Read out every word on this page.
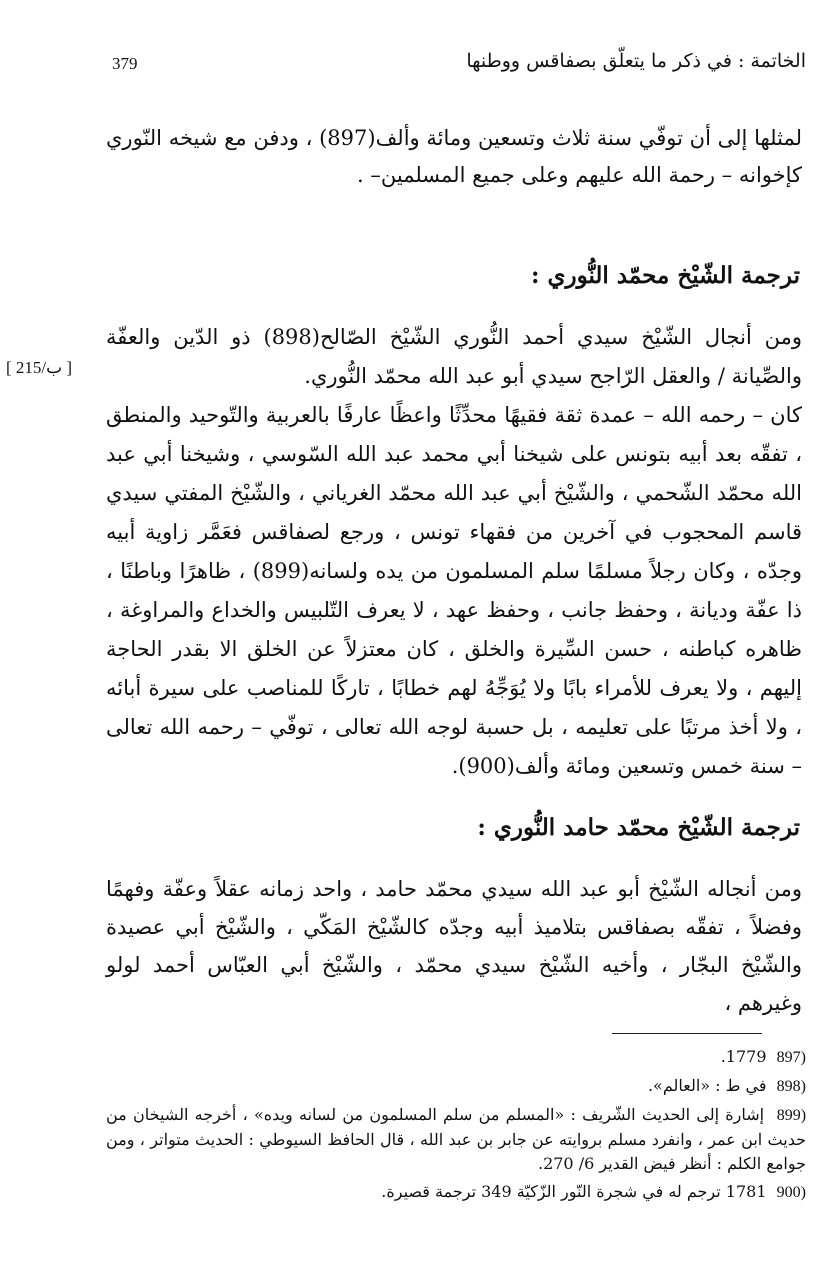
379	الخاتمة : في ذكر ما يتعلّق بصفاقس ووطنها

لمثلها إلى أن توفّي سنة ثلاث وتسعين ومائة وألف(897) ، ودفن مع شيخه النّوري كإخوانه – رحمة الله عليهم وعلى جميع المسلمين– .

ترجمة الشّيْخ محمّد النُّوري :
[ 215/ب ]

ومن أنجال الشّيْخ سيدي أحمد النُّوري الشّيْخ الصّالح(898) ذو الدّين والعفّة والصِّيانة / والعقل الرّاجح سيدي أبو عبد الله محمّد النُّوري.

كان – رحمه الله – عمدة ثقة فقيهًا محدِّثًا واعظًا عارفًا بالعربية والتّوحيد والمنطق ، تفقّه بعد أبيه بتونس على شيخنا أبي محمد عبد الله السّوسي ، وشيخنا أبي عبد الله محمّد الشّحمي ، والشّيْخ أبي عبد الله محمّد الغرياني ، والشّيْخ المفتي سيدي قاسم المحجوب في آخرين من فقهاء تونس ، ورجع لصفاقس فعَمَّر زاوية أبيه وجدّه ، وكان رجلاً مسلمًا سلم المسلمون من يده ولسانه(899) ، ظاهرًا وباطنًا ، ذا عفّة وديانة ، وحفظ جانب ، وحفظ عهد ، لا يعرف التّلبيس والخداع والمراوغة ، ظاهره كباطنه ، حسن السِّيرة والخلق ، كان معتزلاً عن الخلق الا بقدر الحاجة إليهم ، ولا يعرف للأمراء بابًا ولا يُوَجِّهُ لهم خطابًا ، تاركًا للمناصب على سيرة أبائه ، ولا أخذ مرتبًا على تعليمه ، بل حسبة لوجه الله تعالى ، توفّي – رحمه الله تعالى – سنة خمس وتسعين ومائة وألف(900).

ترجمة الشّيْخ محمّد حامد النُّوري :

ومن أنجاله الشّيْخ أبو عبد الله سيدي محمّد حامد ، واحد زمانه عقلاً وعفّة وفهمًا وفضلاً ، تفقّه بصفاقس بتلاميذ أبيه وجدّه كالشّيْخ المَكّي ، والشّيْخ أبي عصيدة والشّيْخ البجّار ، وأخيه الشّيْخ سيدي محمّد ، والشّيْخ أبي العبّاس أحمد لولو وغيرهم ،

(897  1779.
(898  في ط : «العالم».
(899  إشارة إلى الحديث الشّريف : «المسلم من سلم المسلمون من لسانه ويده» ، أخرجه الشيخان من حديث ابن عمر ، وانفرد مسلم بروايته عن جابر بن عبد الله ، قال الحافظ السيوطي : الحديث متواتر ، ومن جوامع الكلم : أنظر فيض القدير 6/ 270.
(900  1781 ترجم له في شجرة النّور الزّكيّة 349 ترجمة قصيرة.
